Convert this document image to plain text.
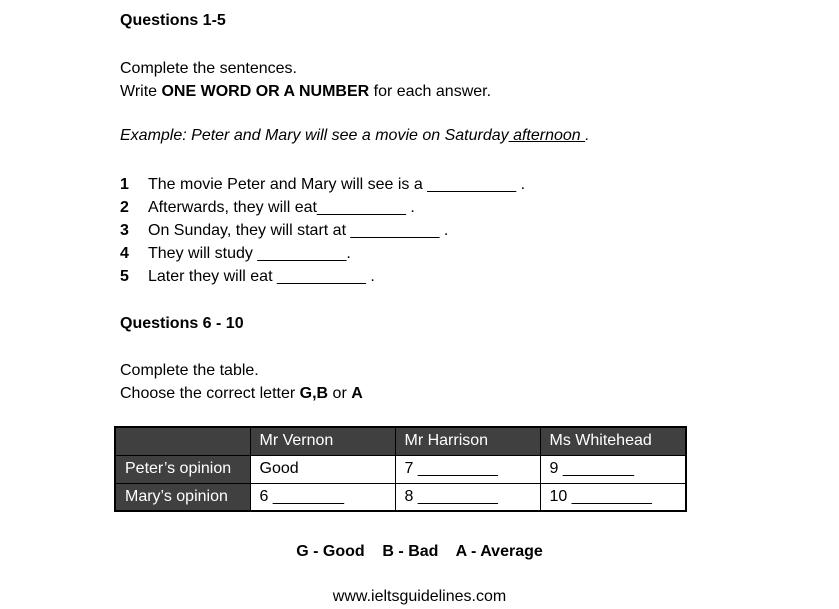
Questions 1-5

Complete the sentences.

Write ONE WORD OR A NUMBER for each answer.

Example: Peter and Mary will see a movie on Saturday afternoon .

1	The movie Peter and Mary will see is a __________ .
2	Afterwards, they will eat__________ .
3	On Sunday, they will start at __________ .
4	They will study __________.
5	Later they will eat __________ .

Questions 6 - 10

Complete the table.

Choose the correct letter G,B or A

	Mr Vernon	Mr Harrison	Ms Whitehead
Peter’s opinion	Good	7 _________	9 ________
Mary’s opinion	6 ________	8 _________	10 _________

G - Good    B - Bad    A - Average

www.ieltsguidelines.com
